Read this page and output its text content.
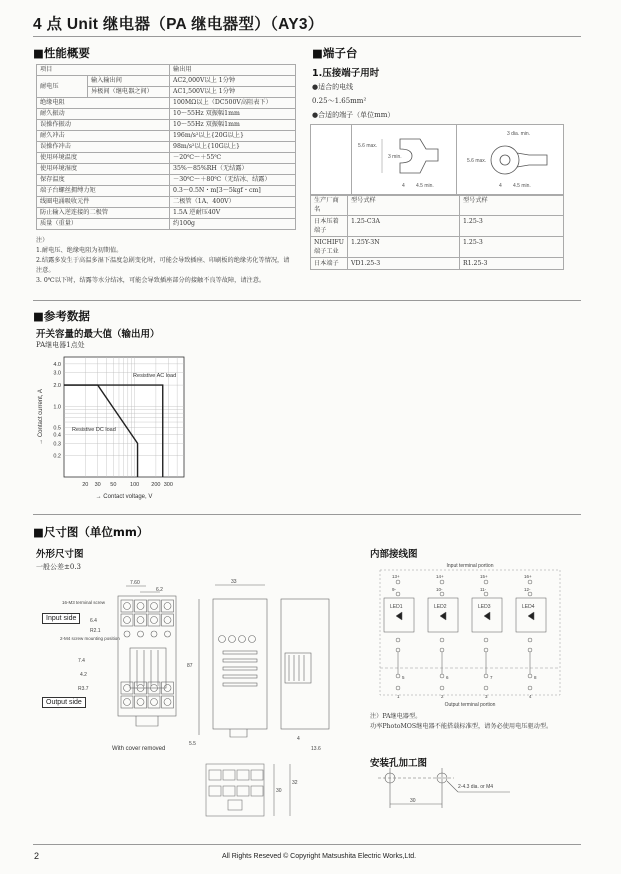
4 点 Unit 继电器（PA 继电器型）（AY3）
■性能概要
项目		输出用
耐电压	输入输出间	AC2,000V以上 1分钟
	异极间（继电器之间）	AC1,500V以上 1分钟
绝缘电阻		100MΩ以上（DC500V高阻表下）
耐久振动		10～55Hz 双振幅1mm
误操作振动		10～55Hz 双振幅1mm
耐久冲击		196m/s²以上{20G以上}
误操作冲击		98m/s²以上{10G以上}
使用环境温度		－20℃～＋55℃
使用环境湿度		35%～85%RH（无结露）
保存温度		－30℃～＋80℃（无结冰、结露）
端子台螺丝拥缚力矩		0.3～0.5N・m[3～5kgf・cm]
线圈电涌吸收元件		二极管（1A、400V）
防止输入逆连接的二极管		1.5A 逆耐压40V
质量（重量）		约100g
注）
1.耐电压、绝缘电阻为初期值。
2.结露多发生于高温多湿下温度急剧变化时，可能会导致插座、印刷板的绝缘劣化等情况，请注意。
3. 0℃以下时，结露等水分结冰，可能会导致插座部分的接触不良等故障，请注意。
■端子台
1.压接端子用时
●适合的电线
0.25～1.65mm²
●合适的端子（单位mm）
5.6 max.
3 min.
4 4.5 min.
3 dia. min.
5.6 max.
4 4.5 min.
生产厂商名	型号式样	型号式样
日本压着端子	1.25-C3A	1.25-3
NICHIFU 端子工业	1.25Y-3N	1.25-3
日本端子	VD1.25-3	R1.25-3
■参考数据
开关容量的最大值（输出用）
PA继电器1点处
0.2
0.3
0.4
0.5
1.0
2.0
3.0
4.0
20 30 50 100 200 300
→ Contact voltage, V
→ Contact current, A
Resistive AC load
Resistive DC load
■尺寸图（单位mm）
外形尺寸图
一般公差±0.3
7.60
6.2
16-M3 terminal screw
6.4
R2.1
2-M4 screw mounting position
7.4
4.2
R3.7
With cover removed
Input side
Output side
33
87
5.5
4
13.6
30
32
内部接线图
Input terminal portion
Output terminal portion
13+
9-
LED1
5
1
14+
10-
LED2
6
2
15+
11-
LED3
7
3
16+
12-
LED4
8
4
注）PA继电器型。
功率PhotoMOS继电器不能搭载标准型，请务必使用电压驱动型。
安装孔加工图
2-4.3 dia. or M4
30
2	All Rights Reseved © Copyright Matsushita Electric Works,Ltd.
